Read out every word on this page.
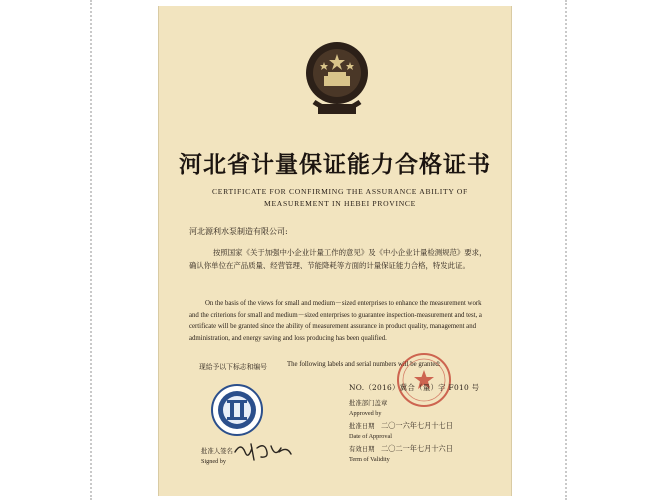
河北省计量保证能力合格证书
CERTIFICATE FOR CONFIRMING THE ASSURANCE ABILITY OF
MEASUREMENT IN HEBEI PROVINCE
河北源利水泵制造有限公司:
按照国家《关于加强中小企业计量工作的意见》及《中小企业计量检测规范》要求，确认你单位在产品质量、经营管理、节能降耗等方面的计量保证能力合格，特发此证。
On the basis of the views for small and medium－sized enterprises to enhance the measurement work and the criterions for small and medium－sized enterprises to guarantee inspection-measurement and test, a certificate will be granted since the ability of measurement assurance in product quality, management and administration, and energy saving and loss producing has been qualified.
现給予以下标志和编号	The following labels and serial numbers will be granted:
NO.（2016）冀合（量）字 F010 号
批准部门盖章
Approved by
批准日期 二〇一六年七月十七日
Date of Approval
有效日期 二〇二一年七月十六日
Term of Validity
批准人签名
Signed by
